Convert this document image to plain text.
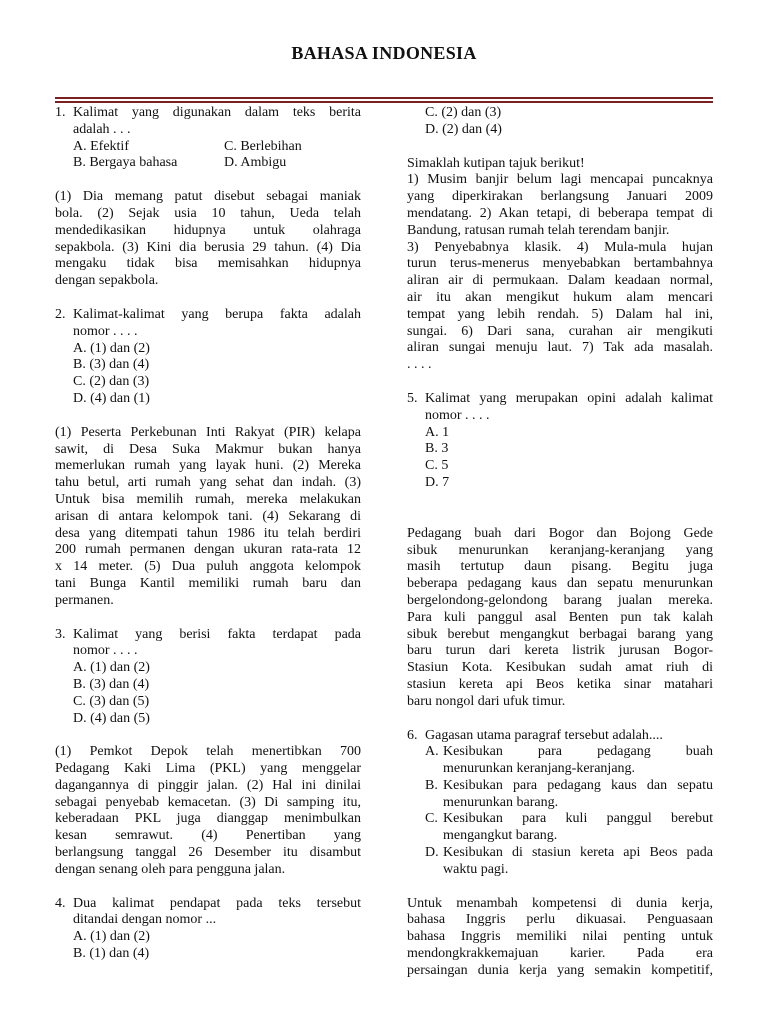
BAHASA INDONESIA
1. Kalimat yang digunakan dalam teks berita
adalah . . .
A. Efektif	C. Berlebihan
B. Bergaya bahasa	D. Ambigu
(1) Dia memang patut disebut sebagai maniak
bola. (2) Sejak usia 10 tahun, Ueda telah
mendedikasikan hidupnya untuk olahraga
sepakbola. (3) Kini dia berusia 29 tahun. (4) Dia
mengaku tidak bisa memisahkan hidupnya
dengan sepakbola.
2. Kalimat-kalimat yang berupa fakta adalah
nomor . . . .
A. (1) dan (2)
B. (3) dan (4)
C. (2) dan (3)
D. (4) dan (1)
(1) Peserta Perkebunan Inti Rakyat (PIR) kelapa
sawit, di Desa Suka Makmur bukan hanya
memerlukan rumah yang layak huni. (2) Mereka
tahu betul, arti rumah yang sehat dan indah. (3)
Untuk bisa memilih rumah, mereka melakukan
arisan di antara kelompok tani. (4) Sekarang di
desa yang ditempati tahun 1986 itu telah berdiri
200 rumah permanen dengan ukuran rata-rata 12
x 14 meter. (5) Dua puluh anggota kelompok
tani Bunga Kantil memiliki rumah baru dan
permanen.
3. Kalimat yang berisi fakta terdapat pada
nomor . . . .
A. (1) dan (2)
B. (3) dan (4)
C. (3) dan (5)
D. (4) dan (5)
(1) Pemkot Depok telah menertibkan 700
Pedagang Kaki Lima (PKL) yang menggelar
dagangannya di pinggir jalan. (2) Hal ini dinilai
sebagai penyebab kemacetan. (3) Di samping itu,
keberadaan PKL juga dianggap menimbulkan
kesan semrawut. (4) Penertiban yang
berlangsung tanggal 26 Desember itu disambut
dengan senang oleh para pengguna jalan.
4. Dua kalimat pendapat pada teks tersebut
ditandai dengan nomor ...
A. (1) dan (2)
B. (1) dan (4)
C. (2) dan (3)
D. (2) dan (4)
Simaklah kutipan tajuk berikut!
1) Musim banjir belum lagi mencapai puncaknya
yang diperkirakan berlangsung Januari 2009
mendatang. 2) Akan tetapi, di beberapa tempat di
Bandung, ratusan rumah telah terendam banjir.
3) Penyebabnya klasik. 4) Mula-mula hujan
turun terus-menerus menyebabkan bertambahnya
aliran air di permukaan. Dalam keadaan normal,
air itu akan mengikut hukum alam mencari
tempat yang lebih rendah. 5) Dalam hal ini,
sungai. 6) Dari sana, curahan air mengikuti
aliran sungai menuju laut. 7) Tak ada masalah.
. . . .
5. Kalimat yang merupakan opini adalah kalimat
nomor . . . .
A. 1
B. 3
C. 5
D. 7
Pedagang buah dari Bogor dan Bojong Gede
sibuk menurunkan keranjang-keranjang yang
masih tertutup daun pisang. Begitu juga
beberapa pedagang kaus dan sepatu menurunkan
bergelondong-gelondong barang jualan mereka.
Para kuli panggul asal Benten pun tak kalah
sibuk berebut mengangkut berbagai barang yang
baru turun dari kereta listrik jurusan Bogor-
Stasiun Kota. Kesibukan sudah amat riuh di
stasiun kereta api Beos ketika sinar matahari
baru nongol dari ufuk timur.
6. Gagasan utama paragraf tersebut adalah....
A. Kesibukan para pedagang buah
menurunkan keranjang-keranjang.
B. Kesibukan para pedagang kaus dan sepatu
menurunkan barang.
C. Kesibukan para kuli panggul berebut
mengangkut barang.
D. Kesibukan di stasiun kereta api Beos pada
waktu pagi.
Untuk menambah kompetensi di dunia kerja,
bahasa Inggris perlu dikuasai. Penguasaan
bahasa Inggris memiliki nilai penting untuk
mendongkrakkemajuan karier. Pada era
persaingan dunia kerja yang semakin kompetitif,
